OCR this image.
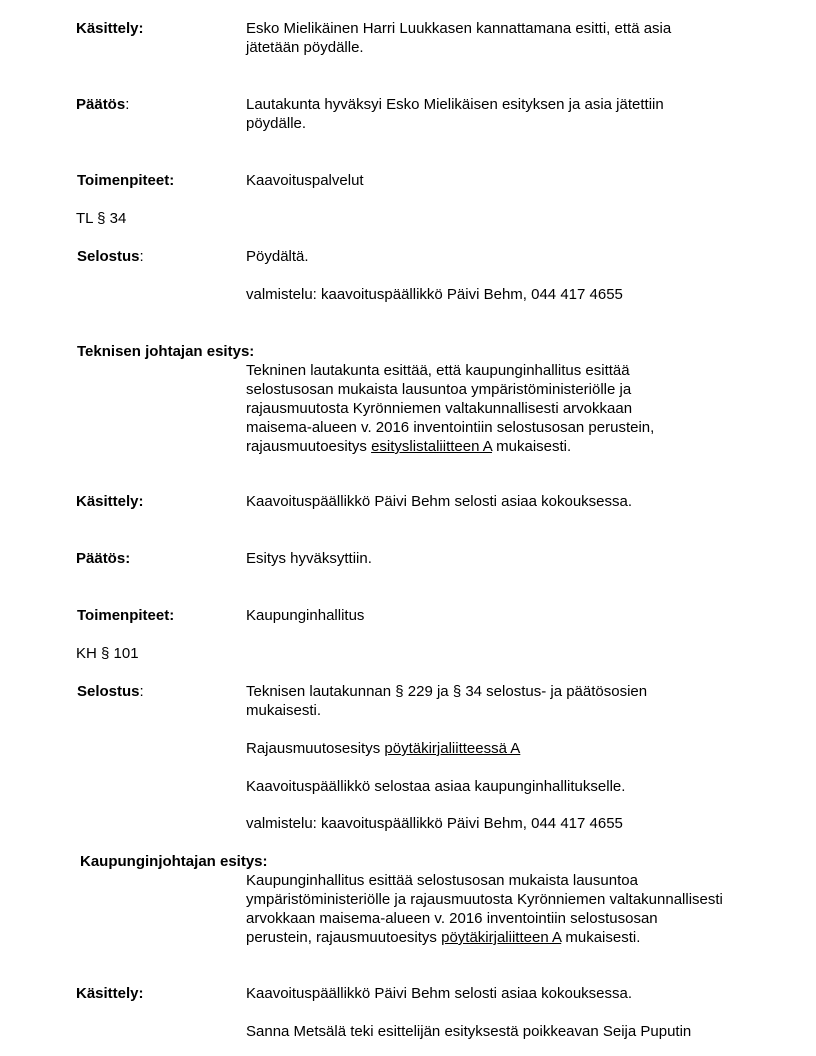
Käsittely:	Esko Mielikäinen Harri Luukkasen kannattamana esitti, että asia jätetään pöydälle.
Päätös:	Lautakunta hyväksyi Esko Mielikäisen esityksen ja asia jätettiin pöydälle.
Toimenpiteet:	Kaavoituspalvelut
TL § 34
Selostus:	Pöydältä.
valmistelu: kaavoituspäällikkö Päivi Behm, 044 417 4655
Teknisen johtajan esitys:
Tekninen lautakunta esittää, että kaupunginhallitus esittää selostusosan mukaista lausuntoa ympäristöministeriölle ja rajausmuutosta Kyrönniemen valtakunnallisesti arvokkaan maisema-alueen v. 2016 inventointiin selostusosan perustein, rajausmuutoesitys esityslistaliitteen A mukaisesti.
Käsittely:	Kaavoituspäällikkö Päivi Behm selosti asiaa kokouksessa.
Päätös:	Esitys hyväksyttiin.
Toimenpiteet:	Kaupunginhallitus
KH § 101
Selostus:	Teknisen lautakunnan § 229 ja § 34 selostus- ja päätösosien mukaisesti.
Rajausmuutosesitys pöytäkirjaliitteessä A
Kaavoituspäällikkö selostaa asiaa kaupunginhallitukselle.
valmistelu: kaavoituspäällikkö Päivi Behm, 044 417 4655
Kaupunginjohtajan esitys:
Kaupunginhallitus esittää selostusosan mukaista lausuntoa ympäristöministeriölle ja rajausmuutosta Kyrönniemen valtakunnallisesti arvokkaan maisema-alueen v. 2016 inventointiin selostusosan perustein, rajausmuutoesitys pöytäkirjaliitteen A mukaisesti.
Käsittely:	Kaavoituspäällikkö Päivi Behm selosti asiaa kokouksessa.
Sanna Metsälä teki esittelijän esityksestä poikkeavan Seija Puputin
